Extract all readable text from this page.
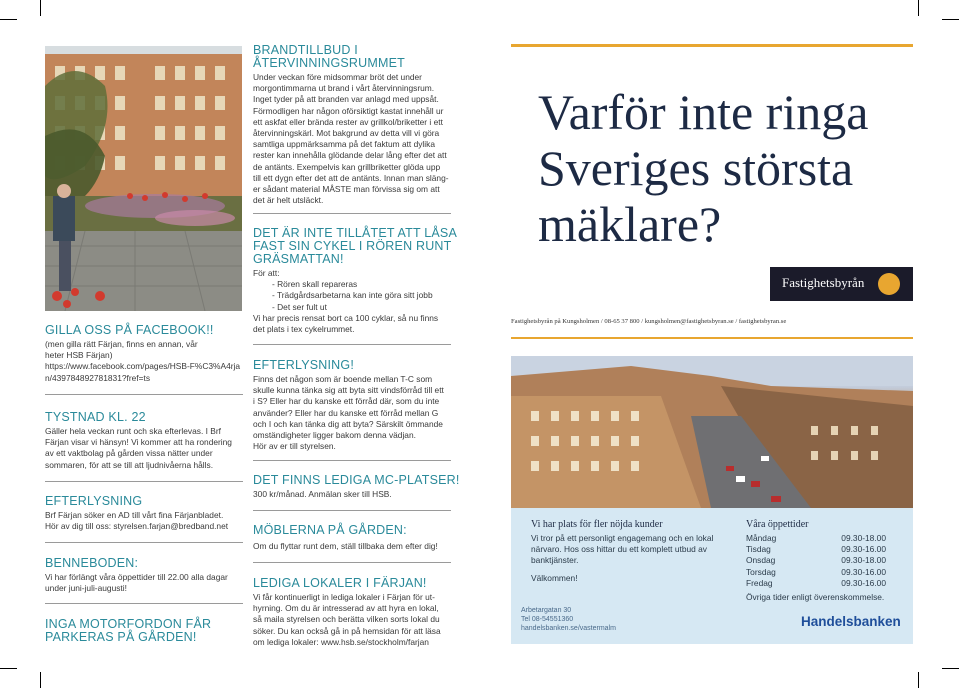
GILLA OSS PÅ FACEBOOK!!

(men gilla rätt Färjan, finns en annan, vår
heter HSB Färjan)
https://www.facebook.com/pages/HSB-F%C3%A4rja
n/439784892781831?fref=ts

TYSTNAD KL. 22

Gäller hela veckan runt och ska efterlevas. I Brf
Färjan visar vi hänsyn! Vi kommer att ha rondering
av ett vaktbolag på gården vissa nätter under
sommaren, för att se till att ljudnivåerna hålls.

EFTERLYSNING

Brf Färjan söker en AD till vårt fina Färjanbladet.
Hör av dig till oss: styrelsen.farjan@bredband.net

BENNEBODEN:

Vi har förlängt våra öppettider till 22.00 alla dagar
under juni-juli-augusti!

INGA MOTORFORDON FÅR
PARKERAS PÅ GÅRDEN!

BRANDTILLBUD I
ÅTERVINNINGSRUMMET

Under veckan före midsommar bröt det under
morgontimmarna ut brand i vårt återvinningsrum.
Inget tyder på att branden var anlagd med uppsåt.
Förmodligen har någon oförsiktigt kastat innehåll ur
ett askfat eller brända rester av grillkol/briketter i ett
återvinningskärl. Mot bakgrund av detta vill vi göra
samtliga uppmärksamma på det faktum att dylika
rester kan innehålla glödande delar lång efter det att
de antänts. Exempelvis kan grillbriketter glöda upp
till ett dygn efter det att de antänts. Innan man släng-
er sådant material MÅSTE man förvissa sig om att
det är helt utsläckt.

DET ÄR INTE TILLÅTET ATT LÅSA
FAST SIN CYKEL I RÖREN RUNT
GRÄSMATTAN!

För att:

- Rören skall repareras

- Trädgårdsarbetarna kan inte göra sitt jobb

- Det ser fult ut

Vi har precis rensat bort ca 100 cyklar, så nu finns
det plats i tex cykelrummet.

EFTERLYSNING!

Finns det någon som är boende mellan T-C som
skulle kunna tänka sig att byta sitt vindsförråd till ett
i S? Eller har du kanske ett förråd där, som du inte
använder? Eller har du kanske ett förråd mellan G
och I och kan tänka dig att byta? Särskilt ömmande
omständigheter ligger bakom denna vädjan.
Hör av er till styrelsen.

DET FINNS LEDIGA MC-PLATSER!

300 kr/månad. Anmälan sker till HSB.

MÖBLERNA PÅ GÅRDEN:

Om du flyttar runt dem, ställ tillbaka dem efter dig!

LEDIGA LOKALER I FÄRJAN!

Vi får kontinuerligt in lediga lokaler i Färjan för ut-
hyrning. Om du är intresserad av att hyra en lokal,
så maila styrelsen och berätta vilken sorts lokal du
söker. Du kan också gå in på hemsidan för att läsa
om lediga lokaler: www.hsb.se/stockholm/farjan

Varför inte ringa
Sveriges största
mäklare?

Fastighetsbyrån
Fastighetsbyrån på Kungsholmen / 08-65 37 800 / kungsholmen@fastighetsbyran.se / fastighetsbyran.se

Vi har plats för fler nöjda kunder

Vi tror på ett personligt engagemang och en lokal
närvaro. Hos oss hittar du ett komplett utbud av
banktjänster.

Välkommen!

Arbetargatan 30
Tel 08-54551360
handelsbanken.se/vastermalm

Våra öppettider

Måndag	09.30-18.00
Tisdag	09.30-16.00
Onsdag	09.30-18.00
Torsdag	09.30-16.00
Fredag	09.30-16.00

Övriga tider enligt överenskommelse.

Handelsbanken
